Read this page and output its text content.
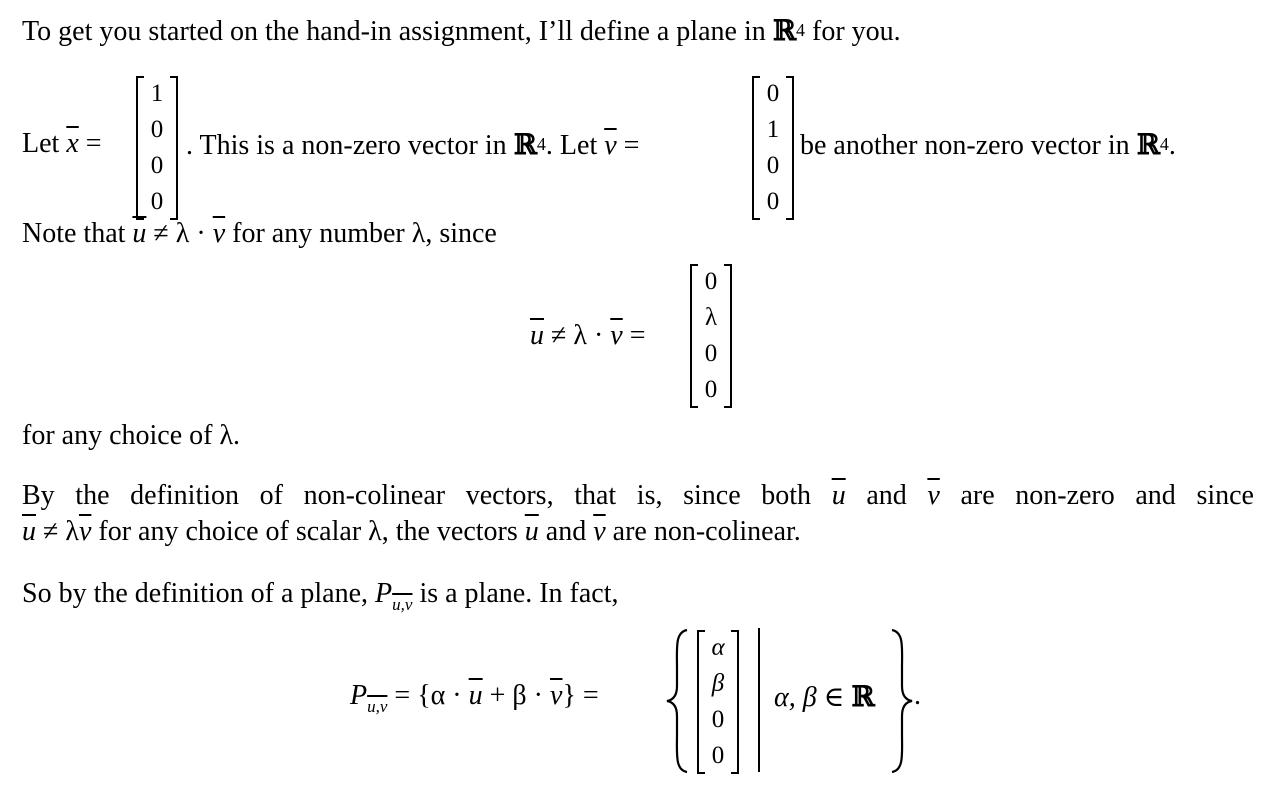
To get you started on the hand-in assignment, I’ll define a plane in ℝ$^4$ for you.
Let $\overline{x}$ =
1
0
0
0
. This is a non-zero vector in ℝ$^4$. Let $\overline{v}$ =
0
1
0
0
be another non-zero vector in ℝ$^4$.
Note that $\overline{u} \ne \lambda \cdot \overline{v}$ for any number λ, since
$\overline{u} \ne \lambda \cdot \overline{v}$ =
0
λ
0
0
for any choice of λ.
By the definition of non-colinear vectors, that is, since both $\overline{u}$ and $\overline{v}$ are non-zero and since
$\overline{u} \ne \lambda\overline{v}$ for any choice of scalar λ, the vectors $\overline{u}$ and $\overline{v}$ are non-colinear.
So by the definition of a plane, $P_{u,v}$ is a plane. In fact,
$P_{u,v} = \{\alpha \cdot \overline{u} + \beta \cdot \overline{v}\}$ =
α
β
0
0
α, β ∈ ℝ .
